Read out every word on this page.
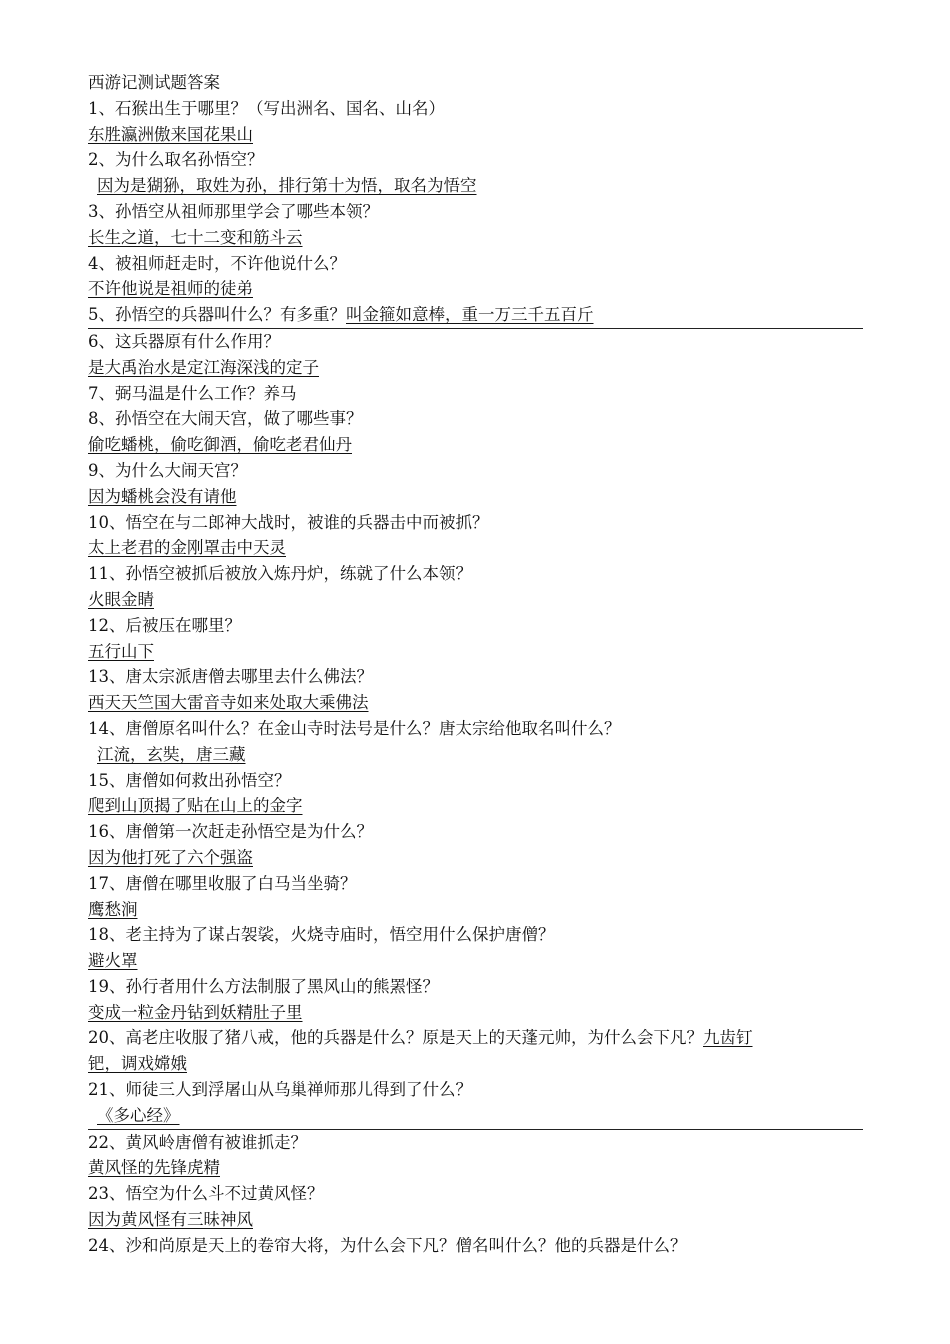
西游记测试题答案
1、石猴出生于哪里？（写出洲名、国名、山名）
东胜瀛洲傲来国花果山
2、为什么取名孙悟空？
因为是猢狲，取姓为孙，排行第十为悟，取名为悟空
3、孙悟空从祖师那里学会了哪些本领？
长生之道，七十二变和筋斗云
4、被祖师赶走时，不许他说什么？
不许他说是祖师的徒弟
5、孙悟空的兵器叫什么？有多重？叫金箍如意棒，重一万三千五百斤
6、这兵器原有什么作用？
是大禹治水是定江海深浅的定子
7、弼马温是什么工作？养马
8、孙悟空在大闹天宫，做了哪些事？
偷吃蟠桃，偷吃御酒，偷吃老君仙丹
9、为什么大闹天宫？
因为蟠桃会没有请他
10、悟空在与二郎神大战时，被谁的兵器击中而被抓？
太上老君的金刚罩击中天灵
11、孙悟空被抓后被放入炼丹炉，练就了什么本领？
火眼金睛
12、后被压在哪里？
五行山下
13、唐太宗派唐僧去哪里去什么佛法？
西天天竺国大雷音寺如来处取大乘佛法
14、唐僧原名叫什么？在金山寺时法号是什么？唐太宗给他取名叫什么？
江流，玄奘，唐三藏
15、唐僧如何救出孙悟空？
爬到山顶揭了贴在山上的金字
16、唐僧第一次赶走孙悟空是为什么？
因为他打死了六个强盗
17、唐僧在哪里收服了白马当坐骑？
鹰愁涧
18、老主持为了谋占袈裟，火烧寺庙时，悟空用什么保护唐僧？
避火罩
19、孙行者用什么方法制服了黑风山的熊罴怪？
变成一粒金丹钻到妖精肚子里
20、高老庄收服了猪八戒，他的兵器是什么？原是天上的天蓬元帅，为什么会下凡？九齿钉
钯，调戏嫦娥
21、师徒三人到浮屠山从乌巢禅师那儿得到了什么？
《多心经》
22、黄风岭唐僧有被谁抓走？
黄风怪的先锋虎精
23、悟空为什么斗不过黄风怪？
因为黄风怪有三昧神风
24、沙和尚原是天上的卷帘大将，为什么会下凡？僧名叫什么？他的兵器是什么？
